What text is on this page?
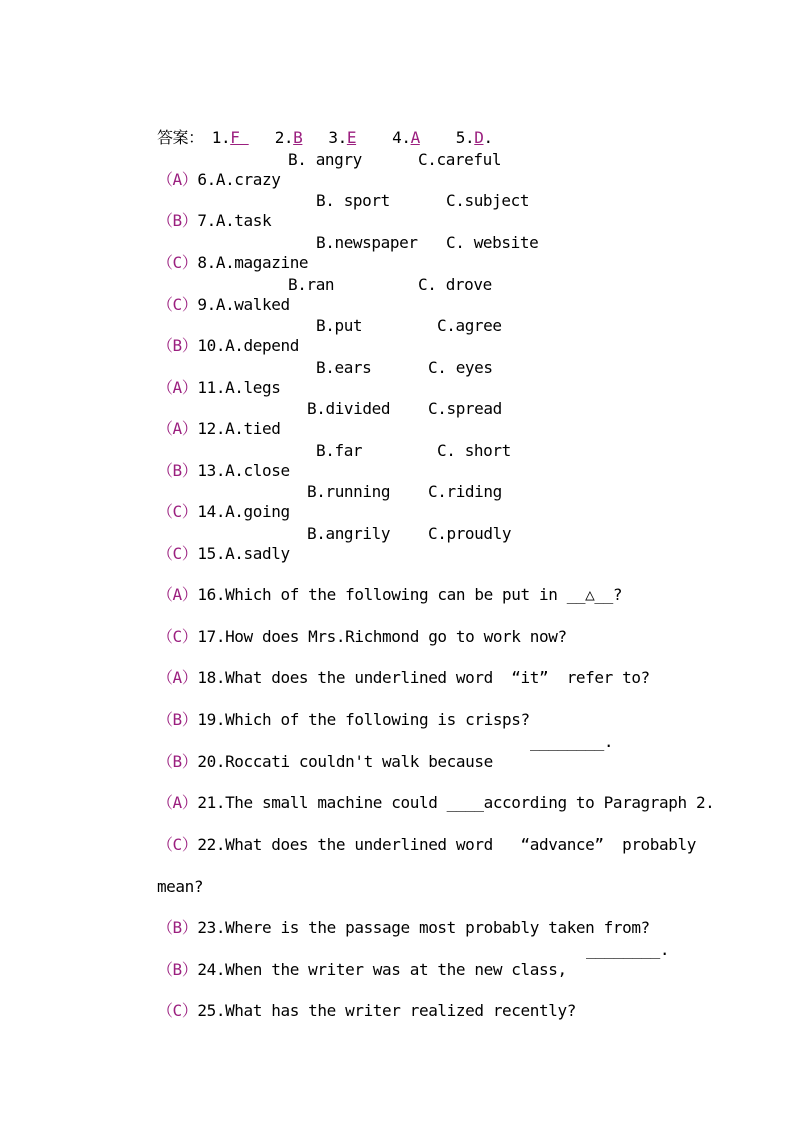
答案： 1.F 2.B 3.E 4.A 5.D.

（A）6.A.crazy

B. angry

	C.careful

（B）7.A.task

B. sport

	C.subject

（C）8.A.magazine

B.newspaper

C. website

（C）9.A.walked

B.ran

	C. drove

（B）10.A.depend

B.put

	C.agree

（A）11.A.legs

B.ears

	C. eyes

（A）12.A.tied

B.divided

C.spread

（B）13.A.close

B.far

	C. short

（C）14.A.going

B.running

C.riding

（C）15.A.sadly

B.angrily

C.proudly

（A）16.Which of the following can be put in __△__?

（C）17.How does Mrs.Richmond go to work now?

（A）18.What does the underlined word  “it”  refer to?

（B）19.Which of the following is crisps?

（B）20.Roccati couldn't walk because

________.

（A）21.The small machine could ____according to Paragraph 2.

（C）22.What does the underlined word   “advance”  probably

mean?

（B）23.Where is the passage most probably taken from?

（B）24.When the writer was at the new class,

________.

（C）25.What has the writer realized recently?
